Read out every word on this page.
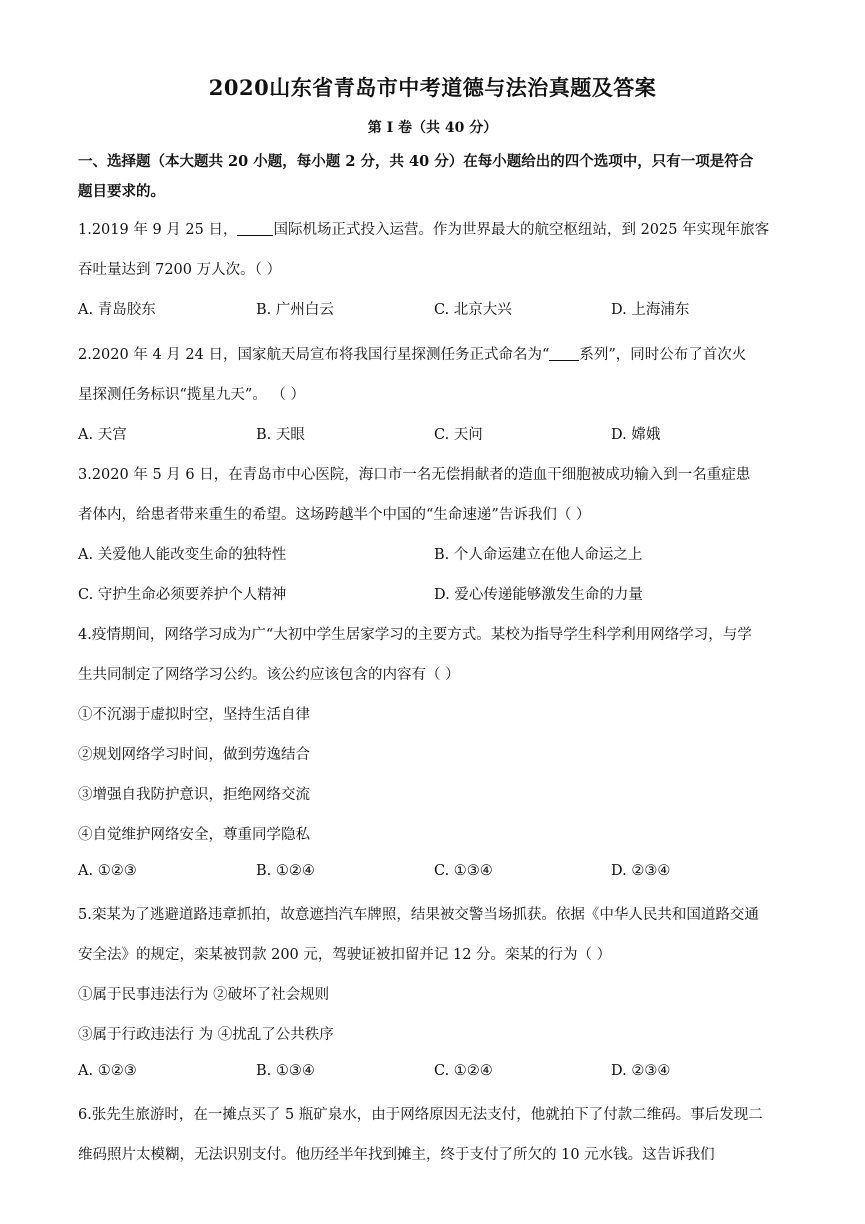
2020山东省青岛市中考道德与法治真题及答案
第 I 卷（共 40 分）
一、选择题（本大题共 20 小题，每小题 2 分，共 40 分）在每小题给出的四个选项中，只有一项是符合
题目要求的。
1.2019 年 9 月 25 日， 国际机场正式投入运营。作为世界最大的航空枢纽站，到 2025 年实现年旅客
吞吐量达到 7200 万人次。（ ）
A. 青岛胶东	B. 广州白云	C. 北京大兴	D. 上海浦东
2.2020 年 4 月 24 日，国家航天局宣布将我国行星探测任务正式命名为“ 系列”，同时公布了首次火
星探测任务标识“揽星九天”。 （ ）
A. 天宫	B. 天眼	C. 天问	D. 嫦娥
3.2020 年 5 月 6 日，在青岛市中心医院，海口市一名无偿捐献者的造血干细胞被成功输入到一名重症患
者体内，给患者带来重生的希望。这场跨越半个中国的“生命速递”告诉我们（ ）
A. 关爱他人能改变生命的独特性	B. 个人命运建立在他人命运之上
C. 守护生命必须要养护个人精神	D. 爱心传递能够激发生命的力量
4.疫情期间，网络学习成为广“大初中学生居家学习的主要方式。某校为指导学生科学利用网络学习，与学
生共同制定了网络学习公约。该公约应该包含的内容有（ ）
①不沉溺于虚拟时空，坚持生活自律
②规划网络学习时间，做到劳逸结合
③增强自我防护意识，拒绝网络交流
④自觉维护网络安全，尊重同学隐私
A. ①②③	B. ①②④	C. ①③④	D. ②③④
5.栾某为了逃避道路违章抓拍，故意遮挡汽车牌照，结果被交警当场抓获。依据《中华人民共和国道路交通
安全法》的规定，栾某被罚款 200 元，驾驶证被扣留并记 12 分。栾某的行为（ ）
①属于民事违法行为 ②破坏了社会规则
③属于行政违法行 为 ④扰乱了公共秩序
A. ①②③	B. ①③④	C. ①②④	D. ②③④
6.张先生旅游时，在一摊点买了 5 瓶矿泉水，由于网络原因无法支付，他就拍下了付款二维码。事后发现二
维码照片太模糊，无法识别支付。他历经半年找到摊主，终于支付了所欠的 10 元水钱。这告诉我们
